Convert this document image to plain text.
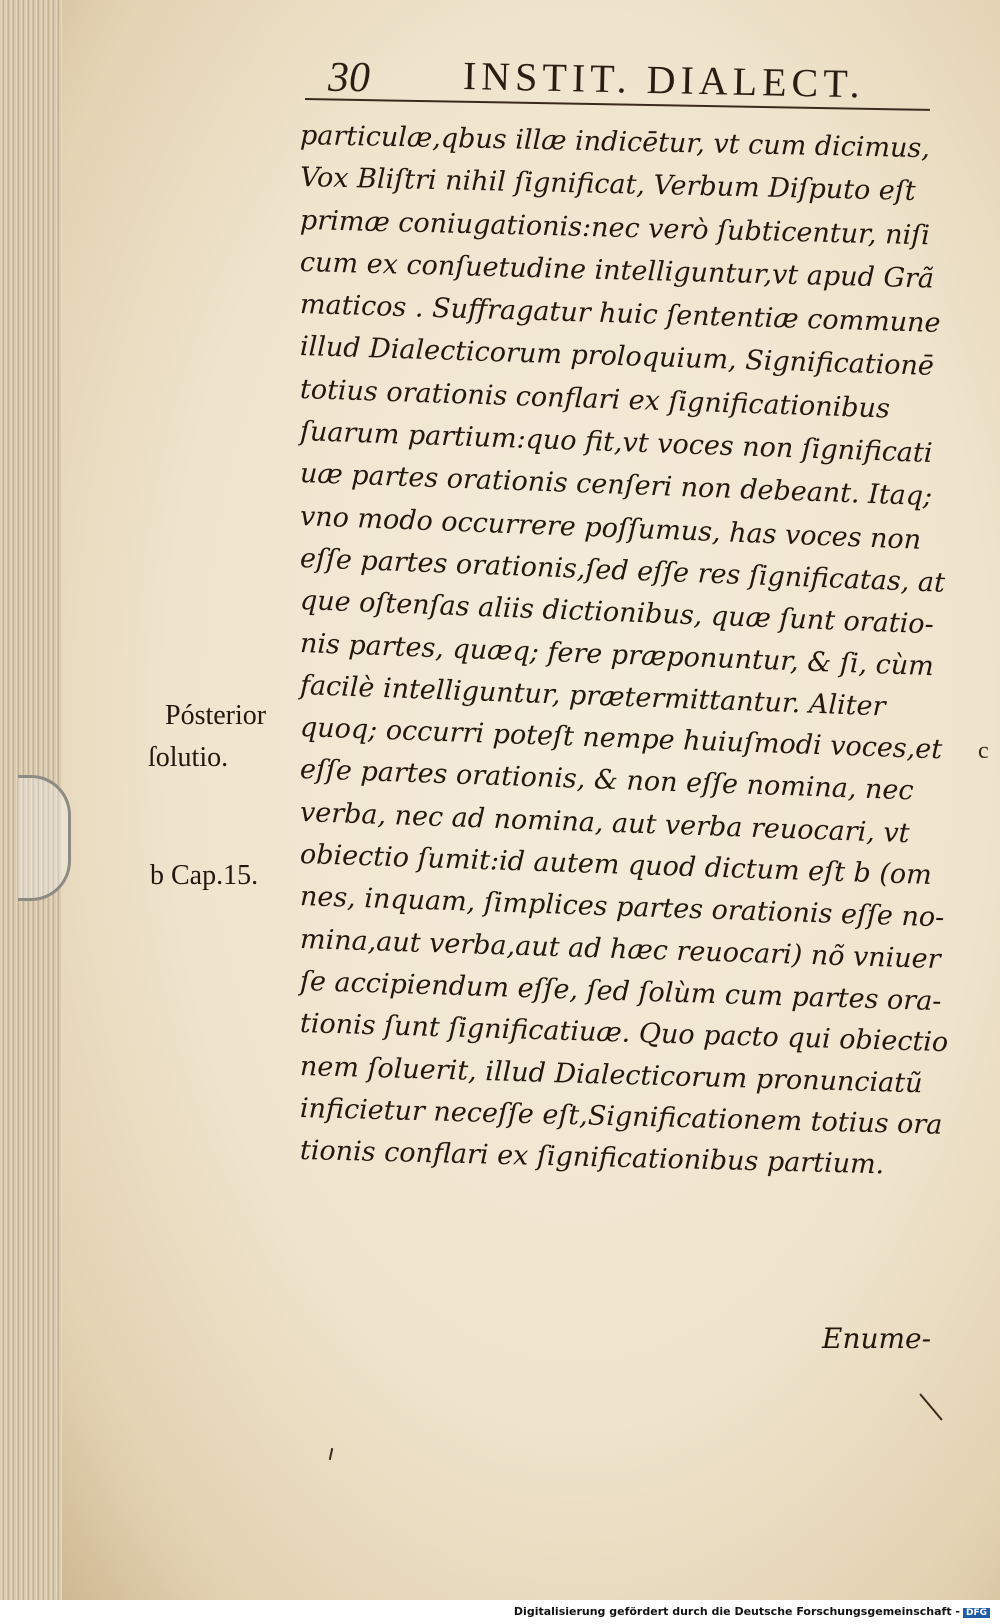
30 INSTIT. DIALECT.
particulæ,qbus illæ indicētur, vt cum dicimus,
Vox Bliſtri nihil ſignificat, Verbum Diſputo eſt
primæ coniugationis:nec verò ſubticentur, niſi
cum ex conſuetudine intelliguntur,vt apud Grã
maticos . Suffragatur huic ſententiæ commune
illud Dialecticorum proloquium, Significationē
totius orationis conflari ex ſignificationibus
ſuarum partium:quo fit,vt voces non ſignificati
uæ partes orationis cenſeri non debeant. Itaq;
vno modo occurrere poſſumus, has voces non
eſſe partes orationis,ſed eſſe res ſignificatas, at
que oſtenſas aliis dictionibus, quæ ſunt oratio-
nis partes, quæq; fere præponuntur, & ſi, cùm
facilè intelliguntur, prætermittantur. Aliter
quoq; occurri poteſt nempe huiuſmodi voces,et
eſſe partes orationis, & non eſſe nomina, nec
verba, nec ad nomina, aut verba reuocari, vt
obiectio ſumit:id autem quod dictum eſt b (om
nes, inquam, ſimplices partes orationis eſſe no-
mina,aut verba,aut ad hæc reuocari) nõ vniuer
ſe accipiendum eſſe, ſed ſolùm cum partes ora-
tionis ſunt ſignificatiuæ. Quo pacto qui obiectio
nem ſoluerit, illud Dialecticorum pronunciatũ
inficietur neceſſe eſt,Significationem totius ora
tionis conflari ex ſignificationibus partium.
Pósterior
ſolutio.
b Cap.15.
c
Enume-
Digitalisierung gefördert durch die Deutsche Forschungsgemeinschaft - DFG
